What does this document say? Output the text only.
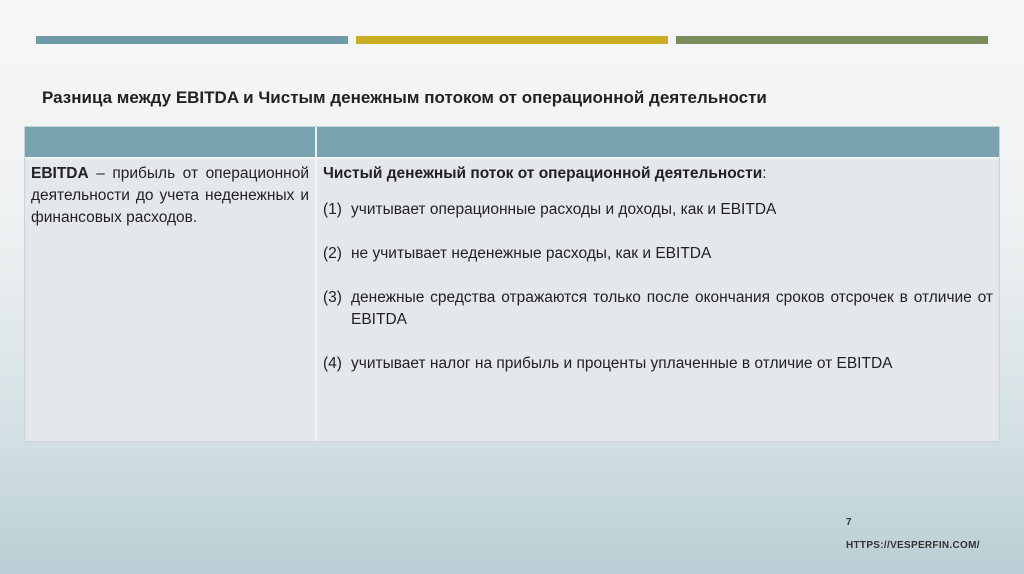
Разница между EBITDA и Чистым денежным потоком от операционной деятельности
EBITDA – прибыль от операционной деятельности до учета неденежных и финансовых расходов.
Чистый денежный поток от операционной деятельности:
(1) учитывает операционные расходы и доходы, как и EBITDA
(2) не учитывает неденежные расходы, как и EBITDA
(3) денежные средства отражаются только после окончания сроков отсрочек в отличие от EBITDA
(4) учитывает налог на прибыль и проценты уплаченные в отличие от EBITDA
7
HTTPS://VESPERFIN.COM/
